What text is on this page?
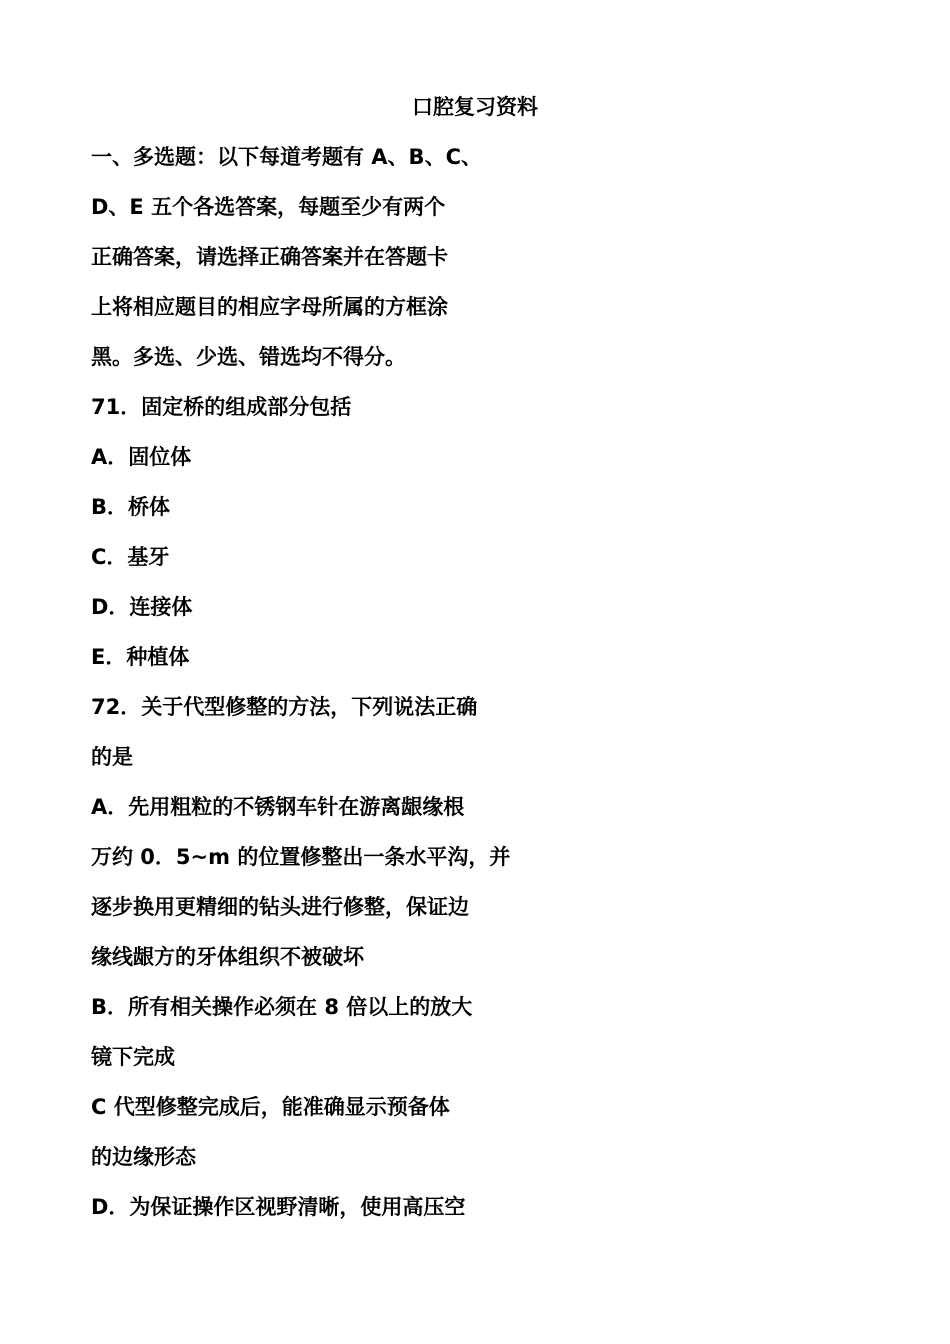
口腔复习资料
一、多选题：以下每道考题有 A、B、C、
D、E 五个各选答案，每题至少有两个
正确答案，请选择正确答案并在答题卡
上将相应题目的相应字母所属的方框涂
黑。多选、少选、错选均不得分。
71．固定桥的组成部分包括
A．固位体
B．桥体
C．基牙
D．连接体
E．种植体
72．关于代型修整的方法，下列说法正确
的是
A．先用粗粒的不锈钢车针在游离龈缘根
万约 0．5~m 的位置修整出一条水平沟，并
逐步换用更精细的钻头进行修整，保证边
缘线龈方的牙体组织不被破坏
B．所有相关操作必须在 8 倍以上的放大
镜下完成
C 代型修整完成后，能准确显示预备体
的边缘形态
D．为保证操作区视野清晰，使用高压空
